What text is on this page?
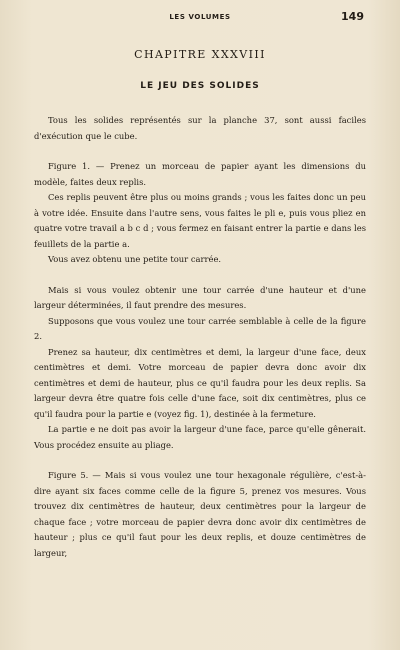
LES VOLUMES	149
CHAPITRE XXXVIII
LE JEU DES SOLIDES

Tous les solides représentés sur la planche 37, sont aussi faciles d'exécution que le cube.

Figure 1. — Prenez un morceau de papier ayant les dimensions du modèle, faites deux replis.

Ces replis peuvent être plus ou moins grands ; vous les faites donc un peu à votre idée. Ensuite dans l'autre sens, vous faites le pli e, puis vous pliez en quatre votre travail a b c d ; vous fermez en faisant entrer la partie e dans les feuillets de la partie a.

Vous avez obtenu une petite tour carrée.

Mais si vous voulez obtenir une tour carrée d'une hauteur et d'une largeur déterminées, il faut prendre des mesures.

Supposons que vous voulez une tour carrée semblable à celle de la figure 2.

Prenez sa hauteur, dix centimètres et demi, la largeur d'une face, deux centimètres et demi. Votre morceau de papier devra donc avoir dix centimètres et demi de hauteur, plus ce qu'il faudra pour les deux replis. Sa largeur devra être quatre fois celle d'une face, soit dix centimètres, plus ce qu'il faudra pour la partie e (voyez fig. 1), destinée à la fermeture.

La partie e ne doit pas avoir la largeur d'une face, parce qu'elle gênerait. Vous procédez ensuite au pliage.

Figure 5. — Mais si vous voulez une tour hexagonale régulière, c'est-à-dire ayant six faces comme celle de la figure 5, prenez vos mesures. Vous trouvez dix centimètres de hauteur, deux centimètres pour la largeur de chaque face ; votre morceau de papier devra donc avoir dix centimètres de hauteur ; plus ce qu'il faut pour les deux replis, et douze centimètres de largeur,
